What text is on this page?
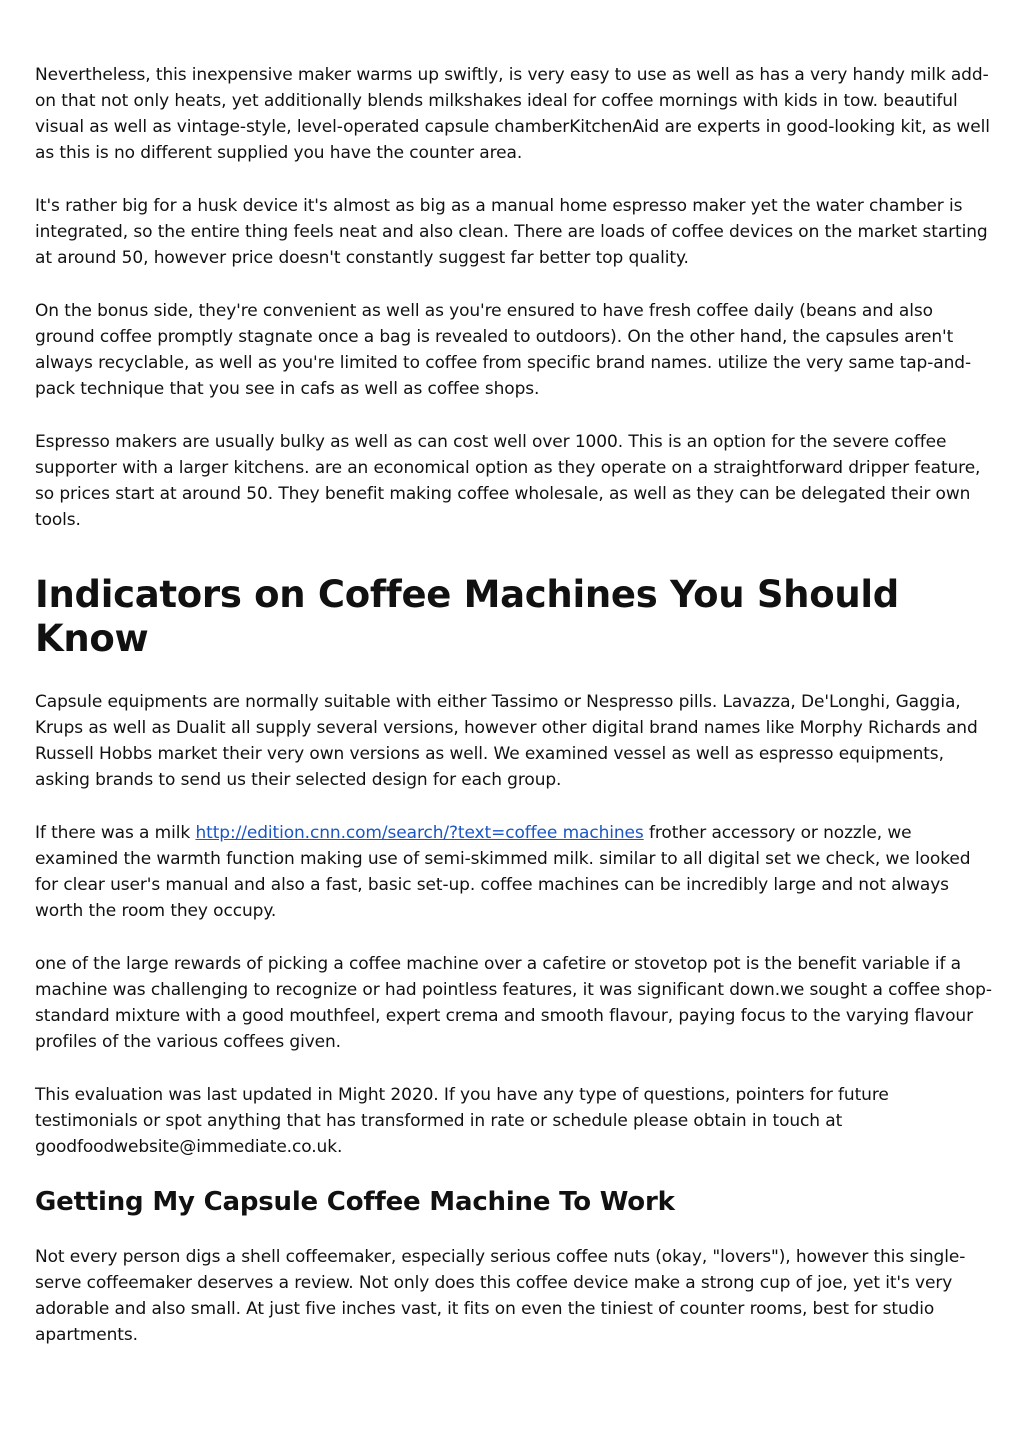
Nevertheless, this inexpensive maker warms up swiftly, is very easy to use as well as has a very handy milk add-on that not only heats, yet additionally blends milkshakes ideal for coffee mornings with kids in tow. beautiful visual as well as vintage-style, level-operated capsule chamberKitchenAid are experts in good-looking kit, as well as this is no different supplied you have the counter area.

It's rather big for a husk device it's almost as big as a manual home espresso maker yet the water chamber is integrated, so the entire thing feels neat and also clean. There are loads of coffee devices on the market starting at around 50, however price doesn't constantly suggest far better top quality.

On the bonus side, they're convenient as well as you're ensured to have fresh coffee daily (beans and also ground coffee promptly stagnate once a bag is revealed to outdoors). On the other hand, the capsules aren't always recyclable, as well as you're limited to coffee from specific brand names. utilize the very same tap-and-pack technique that you see in cafs as well as coffee shops.

Espresso makers are usually bulky as well as can cost well over 1000. This is an option for the severe coffee supporter with a larger kitchens. are an economical option as they operate on a straightforward dripper feature, so prices start at around 50. They benefit making coffee wholesale, as well as they can be delegated their own tools.

Indicators on Coffee Machines You Should Know

Capsule equipments are normally suitable with either Tassimo or Nespresso pills. Lavazza, De'Longhi, Gaggia, Krups as well as Dualit all supply several versions, however other digital brand names like Morphy Richards and Russell Hobbs market their very own versions as well. We examined vessel as well as espresso equipments, asking brands to send us their selected design for each group.

If there was a milk http://edition.cnn.com/search/?text=coffee machines frother accessory or nozzle, we examined the warmth function making use of semi-skimmed milk. similar to all digital set we check, we looked for clear user's manual and also a fast, basic set-up. coffee machines can be incredibly large and not always worth the room they occupy.

one of the large rewards of picking a coffee machine over a cafetire or stovetop pot is the benefit variable if a machine was challenging to recognize or had pointless features, it was significant down.we sought a coffee shop-standard mixture with a good mouthfeel, expert crema and smooth flavour, paying focus to the varying flavour profiles of the various coffees given.

This evaluation was last updated in Might 2020. If you have any type of questions, pointers for future testimonials or spot anything that has transformed in rate or schedule please obtain in touch at goodfoodwebsite@immediate.co.uk.

Getting My Capsule Coffee Machine To Work

Not every person digs a shell coffeemaker, especially serious coffee nuts (okay, "lovers"), however this single-serve coffeemaker deserves a review. Not only does this coffee device make a strong cup of joe, yet it's very adorable and also small. At just five inches vast, it fits on even the tiniest of counter rooms, best for studio apartments.
